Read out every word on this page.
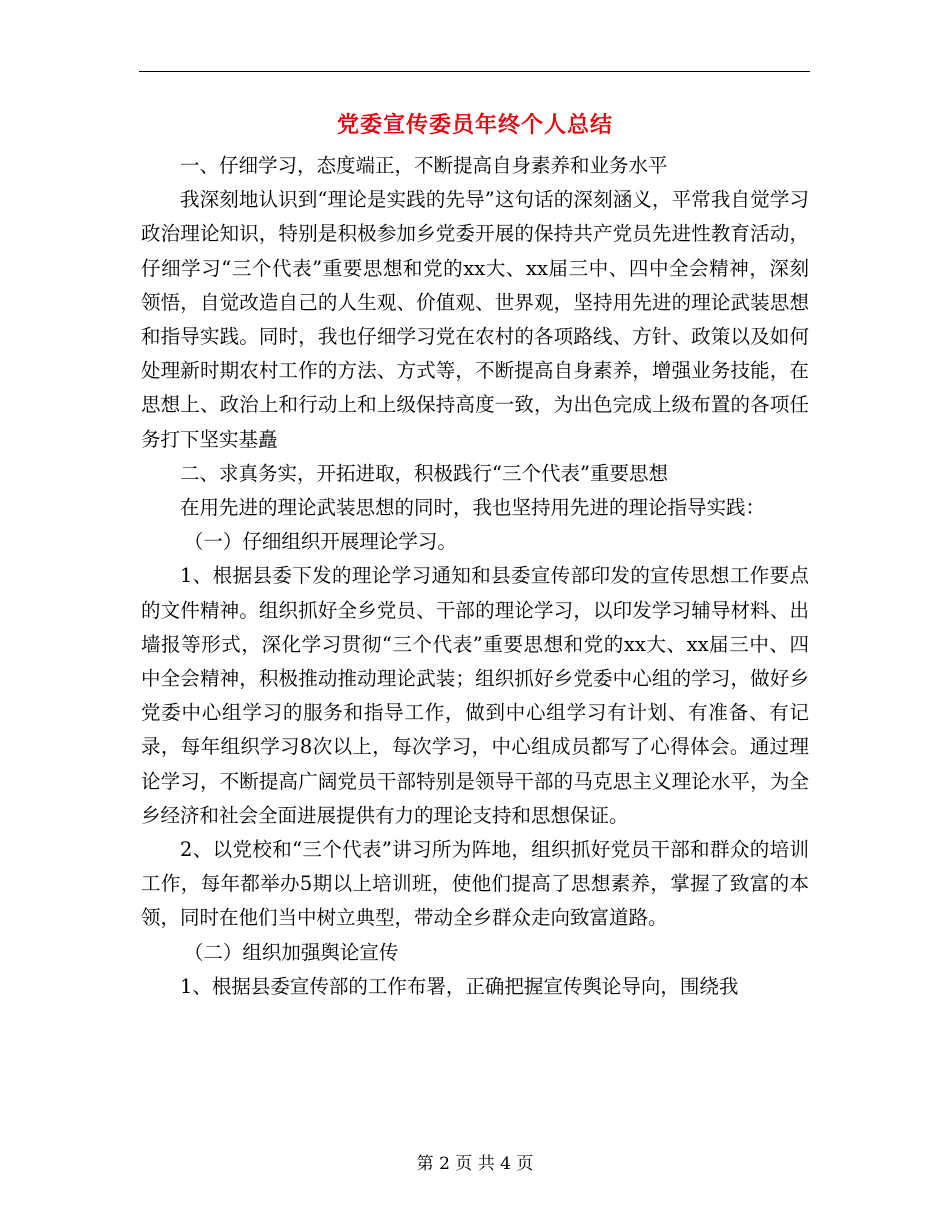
党委宣传委员年终个人总结

一、仔细学习，态度端正，不断提高自身素养和业务水平

我深刻地认识到“理论是实践的先导”这句话的深刻涵义，平常我自觉学习政治理论知识，特别是积极参加乡党委开展的保持共产党员先进性教育活动，仔细学习“三个代表”重要思想和党的xx大、xx届三中、四中全会精神，深刻领悟，自觉改造自己的人生观、价值观、世界观，坚持用先进的理论武装思想和指导实践。同时，我也仔细学习党在农村的各项路线、方针、政策以及如何处理新时期农村工作的方法、方式等，不断提高自身素养，增强业务技能，在思想上、政治上和行动上和上级保持高度一致，为出色完成上级布置的各项任务打下坚实基矗

二、求真务实，开拓进取，积极践行“三个代表”重要思想

在用先进的理论武装思想的同时，我也坚持用先进的理论指导实践：

（一）仔细组织开展理论学习。

1、根据县委下发的理论学习通知和县委宣传部印发的宣传思想工作要点的文件精神。组织抓好全乡党员、干部的理论学习，以印发学习辅导材料、出墙报等形式，深化学习贯彻“三个代表”重要思想和党的xx大、xx届三中、四中全会精神，积极推动推动理论武装；组织抓好乡党委中心组的学习，做好乡党委中心组学习的服务和指导工作，做到中心组学习有计划、有准备、有记录，每年组织学习8次以上，每次学习，中心组成员都写了心得体会。通过理论学习，不断提高广阔党员干部特别是领导干部的马克思主义理论水平，为全乡经济和社会全面进展提供有力的理论支持和思想保证。

2、以党校和“三个代表”讲习所为阵地，组织抓好党员干部和群众的培训工作，每年都举办5期以上培训班，使他们提高了思想素养，掌握了致富的本领，同时在他们当中树立典型，带动全乡群众走向致富道路。

（二）组织加强舆论宣传

1、根据县委宣传部的工作布署，正确把握宣传舆论导向，围绕我

第 2 页 共 4 页
